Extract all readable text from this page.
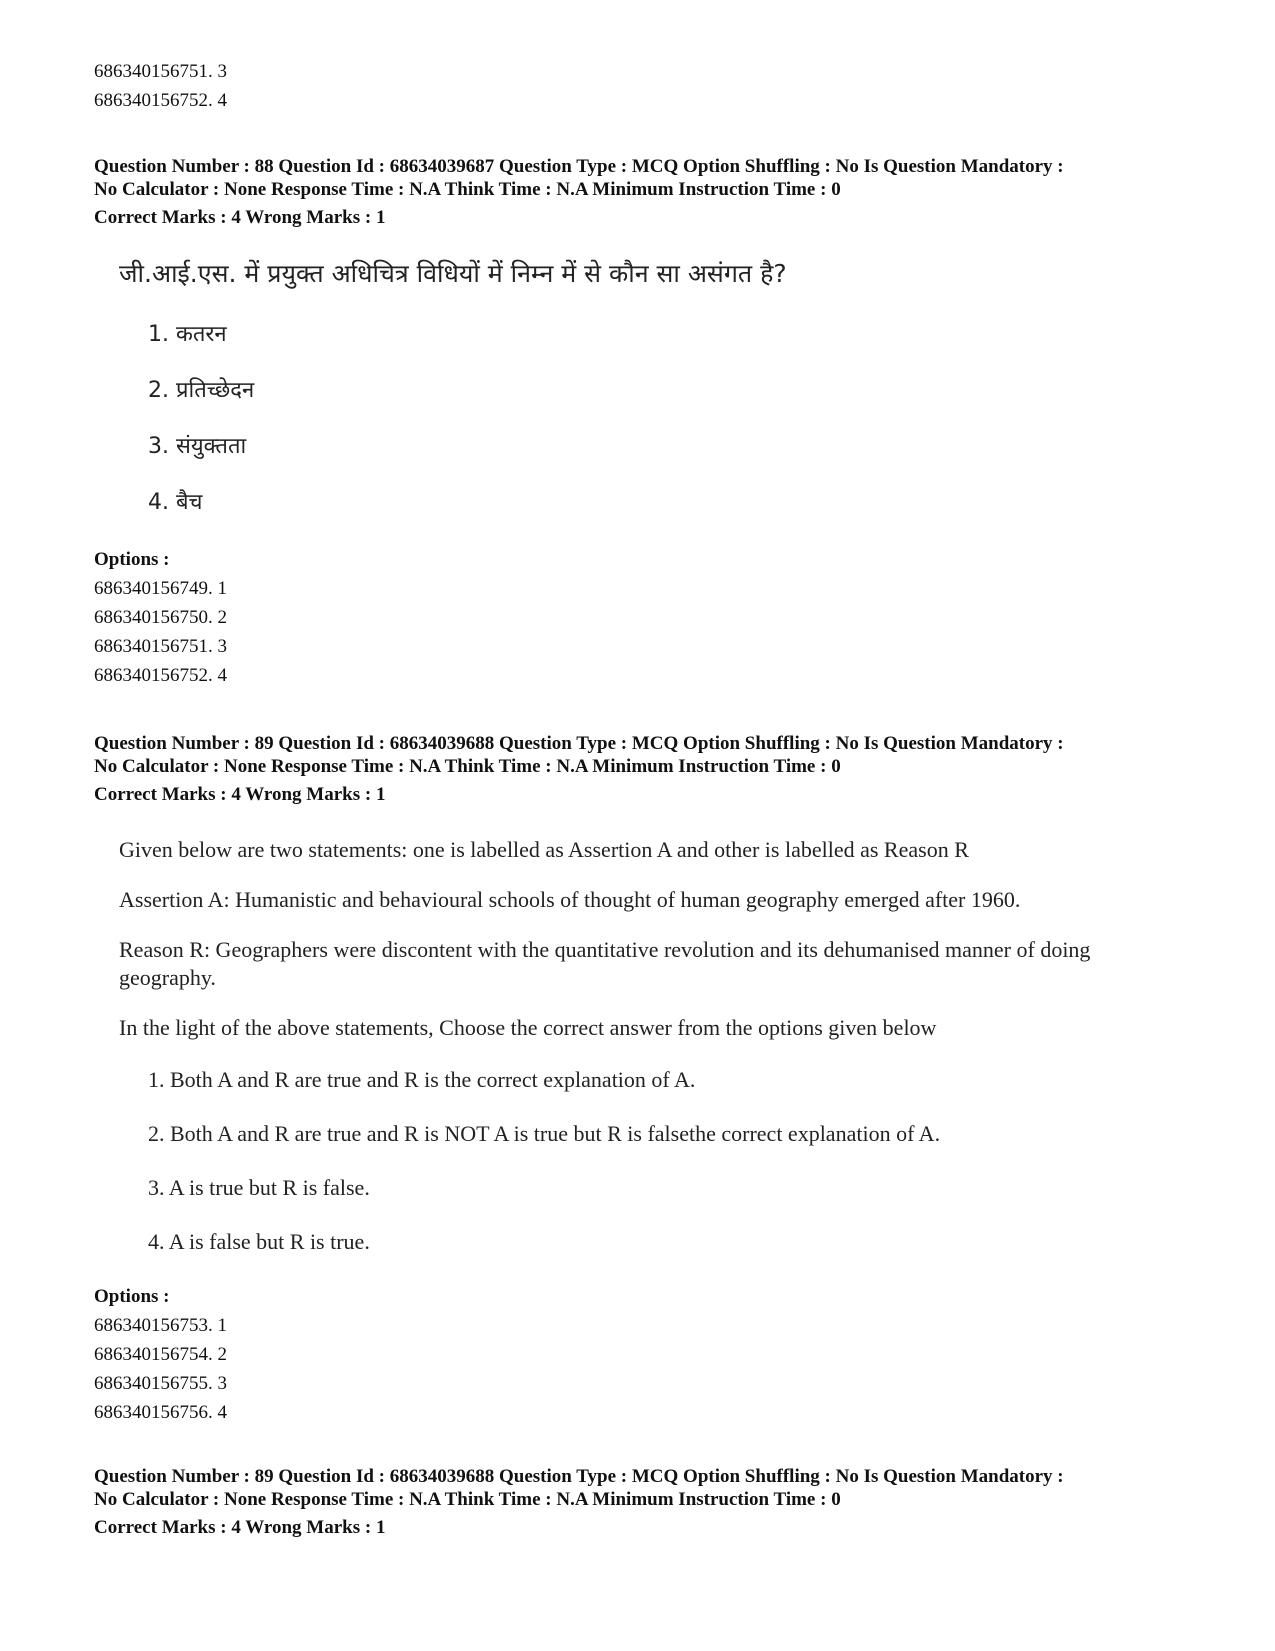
686340156751. 3
686340156752. 4
Question Number : 88 Question Id : 68634039687 Question Type : MCQ Option Shuffling : No Is Question Mandatory :
No Calculator : None Response Time : N.A Think Time : N.A Minimum Instruction Time : 0
Correct Marks : 4 Wrong Marks : 1
जी.आई.एस. में प्रयुक्त अधिचित्र विधियों में निम्न में से कौन सा असंगत है?
1. कतरन
2. प्रतिच्छेदन
3. संयुक्तता
4. बैच
Options :
686340156749. 1
686340156750. 2
686340156751. 3
686340156752. 4
Question Number : 89 Question Id : 68634039688 Question Type : MCQ Option Shuffling : No Is Question Mandatory :
No Calculator : None Response Time : N.A Think Time : N.A Minimum Instruction Time : 0
Correct Marks : 4 Wrong Marks : 1
Given below are two statements: one is labelled as Assertion A and other is labelled as Reason R
Assertion A: Humanistic and behavioural schools of thought of human geography emerged after 1960.
Reason R: Geographers were discontent with the quantitative revolution and its dehumanised manner of doing geography.
In the light of the above statements, Choose the correct answer from the options given below
1. Both A and R are true and R is the correct explanation of A.
2. Both A and R are true and R is NOT A is true but R is falsethe correct explanation of A.
3. A is true but R is false.
4. A is false but R is true.
Options :
686340156753. 1
686340156754. 2
686340156755. 3
686340156756. 4
Question Number : 89 Question Id : 68634039688 Question Type : MCQ Option Shuffling : No Is Question Mandatory :
No Calculator : None Response Time : N.A Think Time : N.A Minimum Instruction Time : 0
Correct Marks : 4 Wrong Marks : 1
